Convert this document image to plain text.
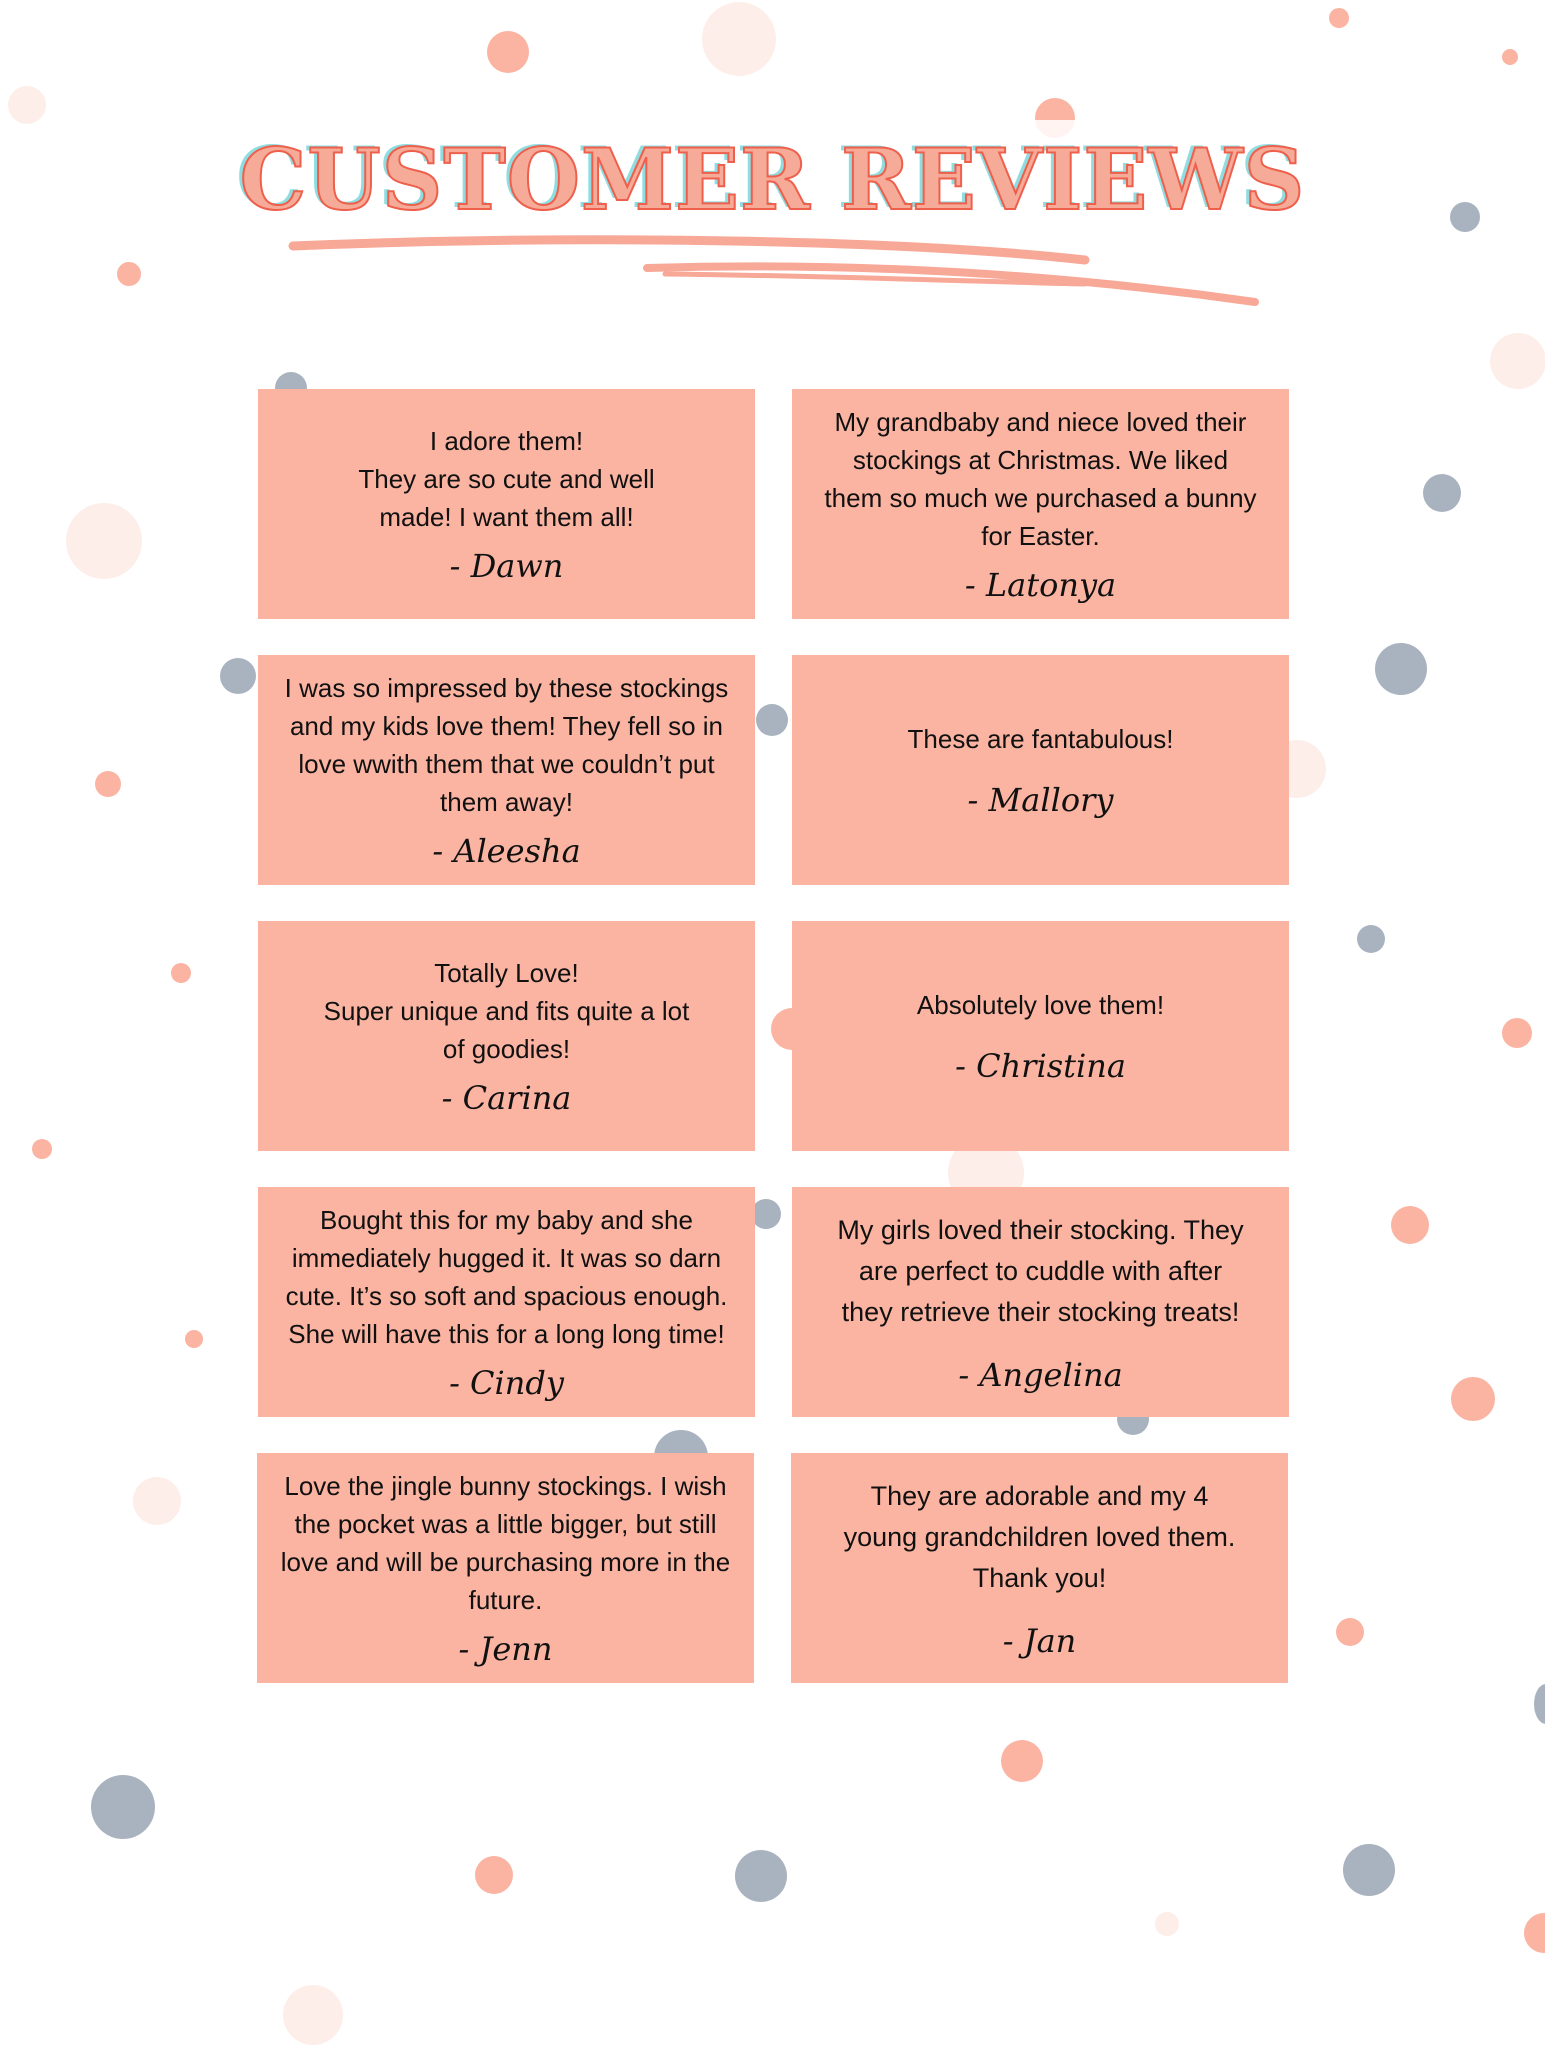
CUSTOMER REVIEWS
I adore them!
They are so cute and well
made! I want them all!
- Dawn
My grandbaby and niece loved their
stockings at Christmas. We liked
them so much we purchased a bunny
for Easter.
- Latonya
I was so impressed by these stockings
and my kids love them! They fell so in
love wwith them that we couldn’t put
them away!
- Aleesha
These are fantabulous!
- Mallory
Totally Love!
Super unique and fits quite a lot
of goodies!
- Carina
Absolutely love them!
- Christina
Bought this for my baby and she
immediately hugged it. It was so darn
cute. It’s so soft and spacious enough.
She will have this for a long long time!
- Cindy
My girls loved their stocking. They
are perfect to cuddle with after
they retrieve their stocking treats!
- Angelina
Love the jingle bunny stockings. I wish
the pocket was a little bigger, but still
love and will be purchasing more in the
future.
- Jenn
They are adorable and my 4
young grandchildren loved them.
Thank you!
- Jan
